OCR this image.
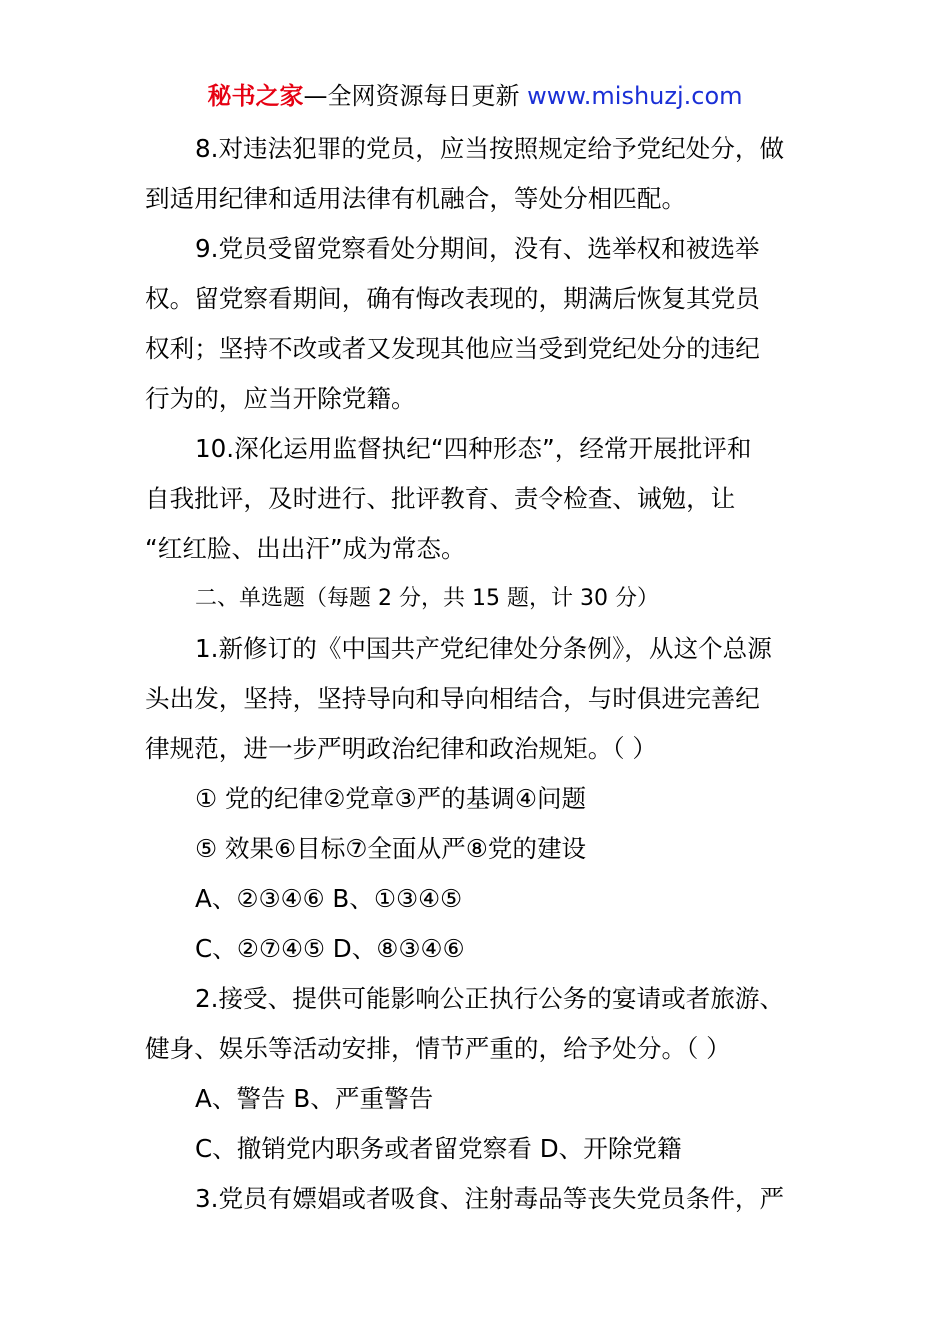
秘书之家—全网资源每日更新 www.mishuzj.com
8.对违法犯罪的党员，应当按照规定给予党纪处分，做
到适用纪律和适用法律有机融合，等处分相匹配。
9.党员受留党察看处分期间，没有、选举权和被选举
权。留党察看期间，确有悔改表现的，期满后恢复其党员
权利；坚持不改或者又发现其他应当受到党纪处分的违纪
行为的，应当开除党籍。
10.深化运用监督执纪“四种形态”，经常开展批评和
自我批评，及时进行、批评教育、责令检查、诫勉，让
“红红脸、出出汗”成为常态。
二、单选题（每题 2 分，共 15 题，计 30 分）
1.新修订的《中国共产党纪律处分条例》，从这个总源
头出发，坚持，坚持导向和导向相结合，与时俱进完善纪
律规范，进一步严明政治纪律和政治规矩。（ ）
① 党的纪律②党章③严的基调④问题
⑤ 效果⑥目标⑦全面从严⑧党的建设
A、②③④⑥ B、①③④⑤
C、②⑦④⑤ D、⑧③④⑥
2.接受、提供可能影响公正执行公务的宴请或者旅游、
健身、娱乐等活动安排，情节严重的，给予处分。（ ）
A、警告 B、严重警告
C、撤销党内职务或者留党察看 D、开除党籍
3.党员有嫖娼或者吸食、注射毒品等丧失党员条件，严
